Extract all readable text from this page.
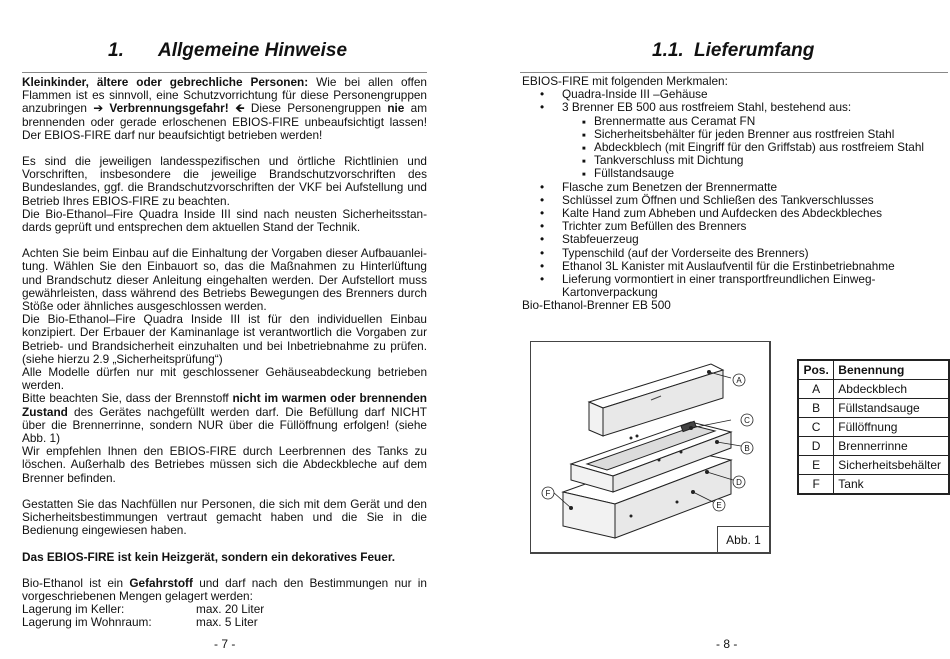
1. Allgemeine Hinweise

Kleinkinder, ältere oder gebrechliche Personen: Wie bei allen offen Flammen ist es sinnvoll, eine Schutzvorrichtung für diese Personengruppen anzubringen ➔ Verbrennungsgefahr! 🡸 Diese Personengruppen nie am brennenden oder gerade erloschenen EBIOS-FIRE unbeaufsichtigt lassen! Der EBIOS-FIRE darf nur beaufsichtigt betrieben werden!

Es sind die jeweiligen landesspezifischen und örtliche Richtlinien und Vorschriften, insbesondere die jeweilige Brandschutzvorschriften des Bundeslandes, ggf. die Brandschutzvorschriften der VKF bei Aufstellung und Betrieb Ihres EBIOS-FIRE zu beachten.

Die Bio-Ethanol–Fire Quadra Inside III sind nach neusten Sicherheitsstan-dards geprüft und entsprechen dem aktuellen Stand der Technik.

Achten Sie beim Einbau auf die Einhaltung der Vorgaben dieser Aufbauanlei-tung. Wählen Sie den Einbauort so, das die Maßnahmen zu Hinterlüftung und Brandschutz dieser Anleitung eingehalten werden. Der Aufstellort muss gewährleisten, dass während des Betriebs Bewegungen des Brenners durch Stöße oder ähnliches ausgeschlossen werden.

Die Bio-Ethanol–Fire Quadra Inside III ist für den individuellen Einbau konzipiert. Der Erbauer der Kaminanlage ist verantwortlich die Vorgaben zur Betrieb- und Brandsicherheit einzuhalten und bei Inbetriebnahme zu prüfen. (siehe hierzu 2.9 „Sicherheitsprüfung“)

Alle Modelle dürfen nur mit geschlossener Gehäuseabdeckung betrieben werden.

Bitte beachten Sie, dass der Brennstoff nicht im warmen oder brennenden Zustand des Gerätes nachgefüllt werden darf. Die Befüllung darf NICHT über die Brennerrinne, sondern NUR über die Füllöffnung erfolgen! (siehe Abb. 1)

Wir empfehlen Ihnen den EBIOS-FIRE durch Leerbrennen des Tanks zu löschen. Außerhalb des Betriebes müssen sich die Abdeckbleche auf dem Brenner befinden.

Gestatten Sie das Nachfüllen nur Personen, die sich mit dem Gerät und den Sicherheitsbestimmungen vertraut gemacht haben und die Sie in die Bedienung eingewiesen haben.

Das EBIOS-FIRE ist kein Heizgerät, sondern ein dekoratives Feuer.

Bio-Ethanol ist ein Gefahrstoff und darf nach den Bestimmungen nur in vorgeschriebenen Mengen gelagert werden:

Lagerung im Keller:	max. 20 Liter
Lagerung im Wohnraum:	max. 5 Liter
- 7 -
1.1. Lieferumfang
EBIOS-FIRE mit folgenden Merkmalen:
• Quadra-Inside III –Gehäuse
• 3 Brenner EB 500 aus rostfreiem Stahl, bestehend aus:
■ Brennermatte aus Ceramat FN
■ Sicherheitsbehälter für jeden Brenner aus rostfreien Stahl
■ Abdeckblech (mit Eingriff für den Griffstab) aus rostfreiem Stahl
■ Tankverschluss mit Dichtung
■ Füllstandsauge
• Flasche zum Benetzen der Brennermatte
• Schlüssel zum Öffnen und Schließen des Tankverschlusses
• Kalte Hand zum Abheben und Aufdecken des Abdeckbleches
• Trichter zum Befüllen des Brenners
• Stabfeuerzeug
• Typenschild (auf der Vorderseite des Brenners)
• Ethanol 3L Kanister mit Auslaufventil für die Erstinbetriebnahme
• Lieferung vormontiert in einer transportfreundlichen Einweg-Kartonverpackung
Bio-Ethanol-Brenner EB 500
- 8 -
A
B
C
D
E
F
Abb. 1
Pos.	Benennung
A	Abdeckblech
B	Füllstandsauge
C	Füllöffnung
D	Brennerrinne
E	Sicherheitsbehälter
F	Tank
